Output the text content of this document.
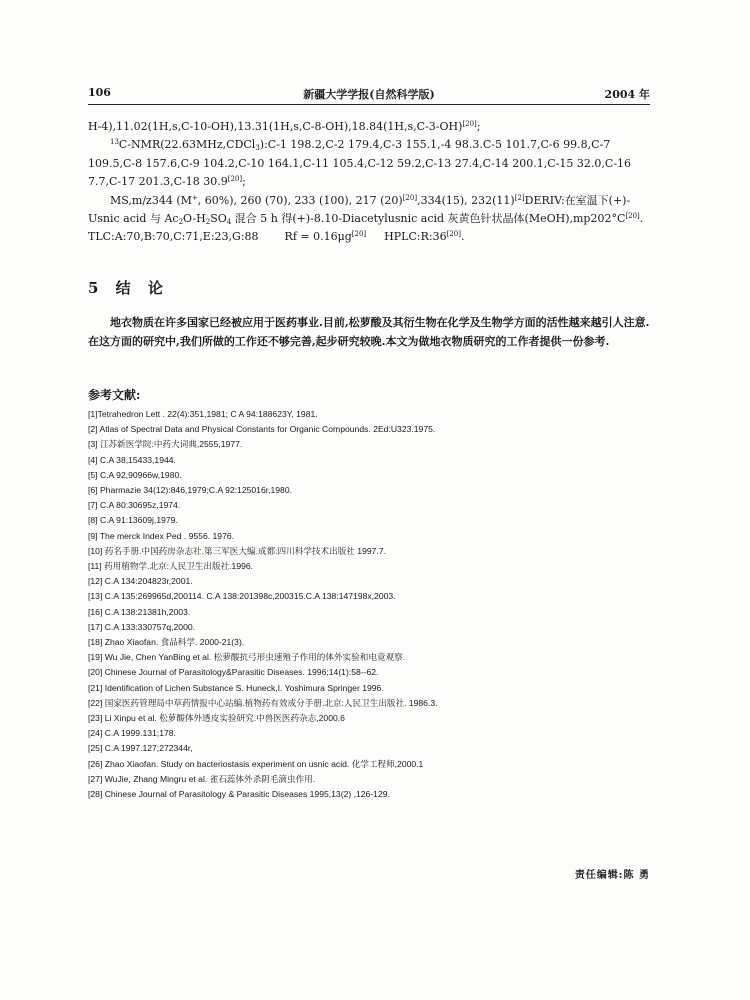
106	新疆大学学报(自然科学版)	2004 年

H-4),11.02(1H,s,C-10-OH),13.31(1H,s,C-8-OH),18.84(1H,s,C-3-OH)[20];

$^{13}$C-NMR(22.63MHz,CDCl$_3$):C-1 198.2,C-2 179.4,C-3 155.1,-4 98.3.C-5 101.7,C-6 99.8,C-7 109.5,C-8 157.6,C-9 104.2,C-10 164.1,C-11 105.4,C-12 59.2,C-13 27.4,C-14 200.1,C-15 32.0,C-16 7.7,C-17 201.3,C-18 30.9[20];

MS,m/z344 (M+, 60%), 260 (70), 233 (100), 217 (20)[20],334(15), 232(11)[2]DERIV:在室温下(+)-Usnic acid 与 $Ac_2O-H_2SO_4$ 混合 5 h 得(+)-8.10-Diacetylusnic acid 灰黄色针状晶体(MeOH),mp202°C[20].

TLC:A:70,B:70,C:71,E:23,G:88 Rf = 0.16μg[20] HPLC:R:36[20].

5 结 论

地衣物质在许多国家已经被应用于医药事业.目前,松萝酸及其衍生物在化学及生物学方面的活性越来越引人注意.在这方面的研究中,我们所做的工作还不够完善,起步研究较晚.本文为做地衣物质研究的工作者提供一份参考.

参考文献:
[1]Tetrahedron Lett . 22(4):351,1981; C A 94:188623Y, 1981.
[2] Atlas of Spectral Data and Physical Constants for Organic Compounds. 2Ed:U323.1975.
[3] 江苏新医学院:中药大词典,2555,1977.
[4] C.A 38,15433,1944.
[5] C.A 92,90966w,1980.
[6] Pharmazie 34(12):846,1979;C.A 92:125016r,1980.
[7] C.A 80:30695z,1974.
[8] C.A 91:13609j,1979.
[9] The merck Index Ped . 9556. 1976.
[10] 药名手册.中国药房杂志社.第三军医大编.成都:四川科学技术出版社 1997.7.
[11] 药用植物学.北京:人民卫生出版社.1996.
[12] C.A 134:204823r,2001.
[13] C.A 135:269965d,200114. C.A 138:201398c,200315.C.A 138:147198x,2003.
[16] C.A 138:21381h,2003.
[17] C.A 133:330757q,2000.
[18] Zhao Xiaofan. 食品科学. 2000-21(3).
[19] Wu Jie, Chen YanBing et al. 松萝酸抗弓形虫速殖子作用的体外实验和电竟观察.
[20] Chinese Journal of Parasitology&Parasitic Diseases. 1996;14(1):58--62.
[21] Identification of Lichen Substance S. Huneck,I. Yoshimura Springer 1996.
[22] 国家医药管理局中草药情报中心站编.植物药有效成分手册.北京:人民卫生出版社. 1986.3.
[23] Li Xinpu et al. 松萝酸体外透皮实验研究.中兽医医药杂志,2000.6
[24] C.A 1999.131;178.
[25] C.A 1997.127;272344r,
[26] Zhao Xiaofan. Study on bacteriostasis experiment on usnic acid. 化学工程师,2000.1
[27] WuJie, Zhang Mingru et al. 雀石蕊体外杀阴毛滴虫作用.
[28] Chinese Journal of Parasitology & Parasitic Diseases 1995,13(2) ,126-129.
责任编辑:陈 勇
